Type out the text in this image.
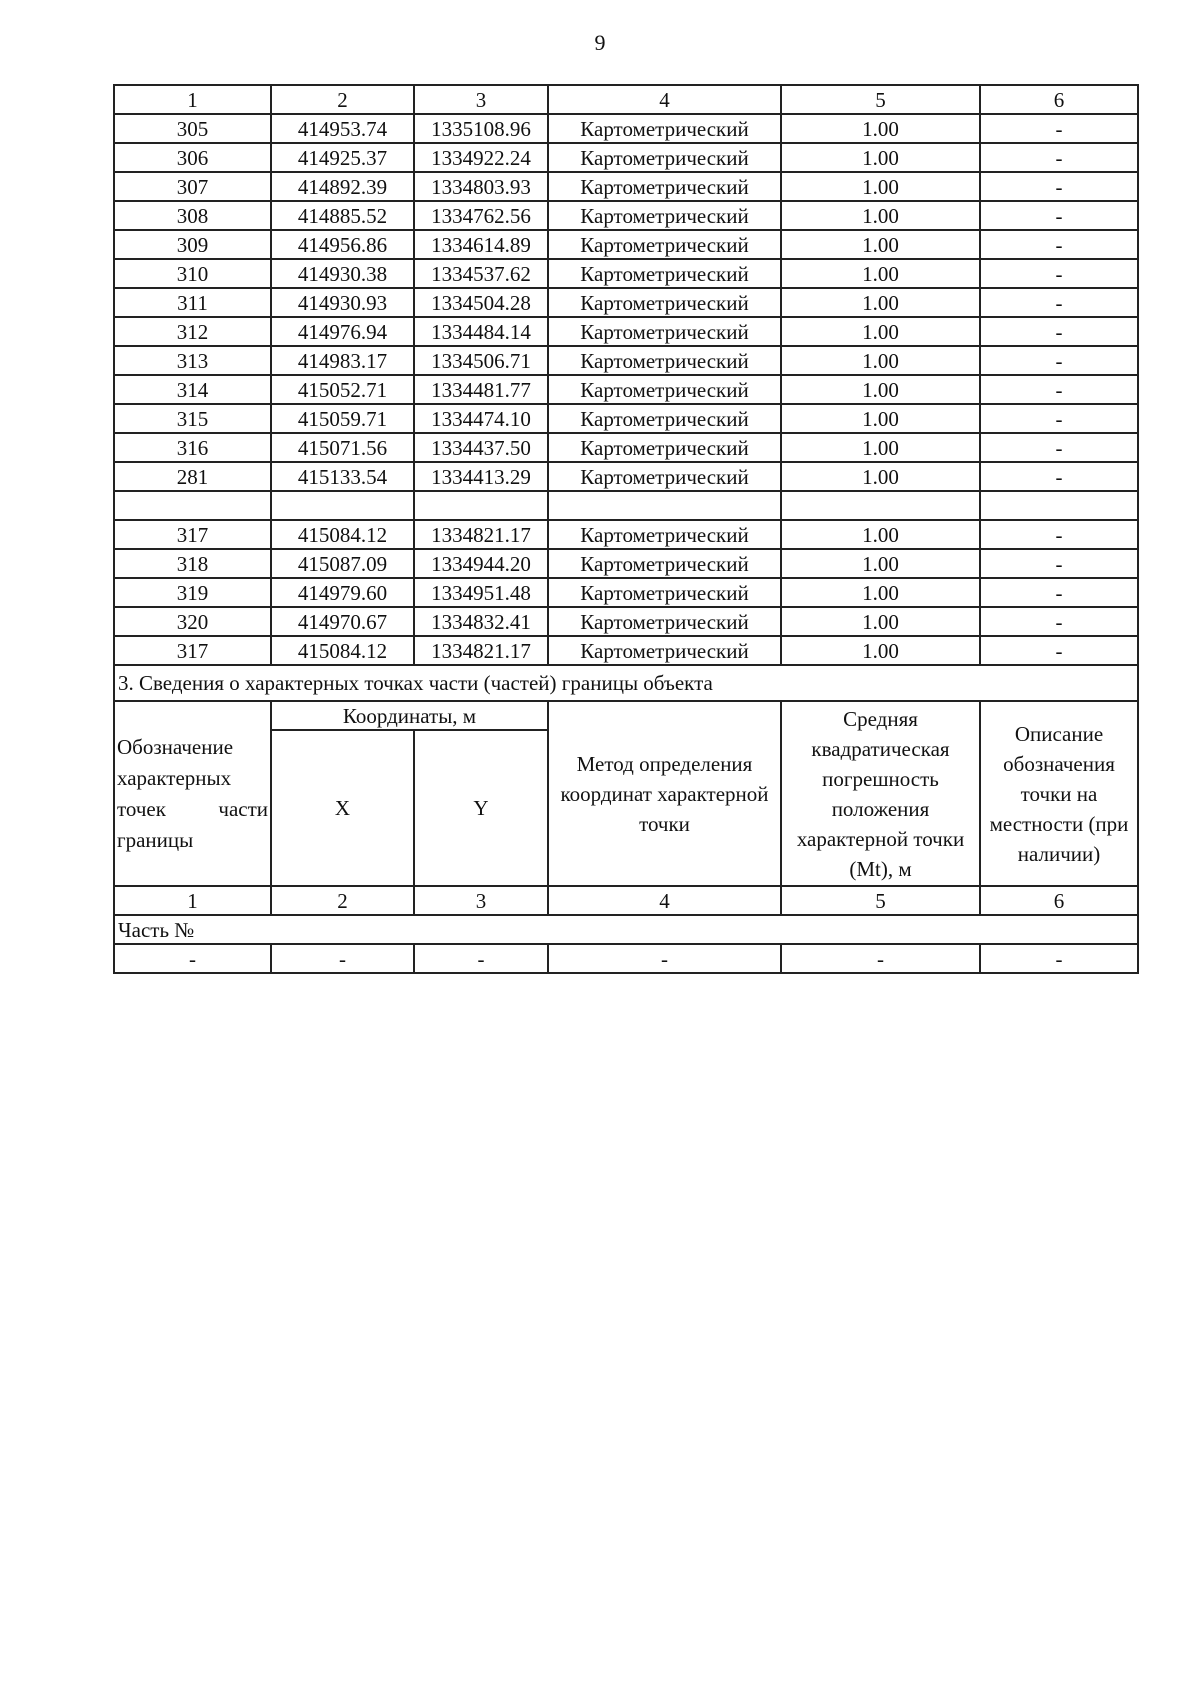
9
1	2	3	4	5	6
305	414953.74	1335108.96	Картометрический	1.00	-
306	414925.37	1334922.24	Картометрический	1.00	-
307	414892.39	1334803.93	Картометрический	1.00	-
308	414885.52	1334762.56	Картометрический	1.00	-
309	414956.86	1334614.89	Картометрический	1.00	-
310	414930.38	1334537.62	Картометрический	1.00	-
311	414930.93	1334504.28	Картометрический	1.00	-
312	414976.94	1334484.14	Картометрический	1.00	-
313	414983.17	1334506.71	Картометрический	1.00	-
314	415052.71	1334481.77	Картометрический	1.00	-
315	415059.71	1334474.10	Картометрический	1.00	-
316	415071.56	1334437.50	Картометрический	1.00	-
281	415133.54	1334413.29	Картометрический	1.00	-

317	415084.12	1334821.17	Картометрический	1.00	-
318	415087.09	1334944.20	Картометрический	1.00	-
319	414979.60	1334951.48	Картометрический	1.00	-
320	414970.67	1334832.41	Картометрический	1.00	-
317	415084.12	1334821.17	Картометрический	1.00	-
3. Сведения о характерных точках части (частей) границы объекта					
Обозначение
характерных

точек части
границы	Координаты, м		Метод определения координат характерной точки	Средняя квадратическая погрешность положения характерной точки (Mt), м	Описание обозначения точки на местности (при наличии)
	X	Y			
1	2	3	4	5	6
Часть №					
-	-	-	-	-	-
